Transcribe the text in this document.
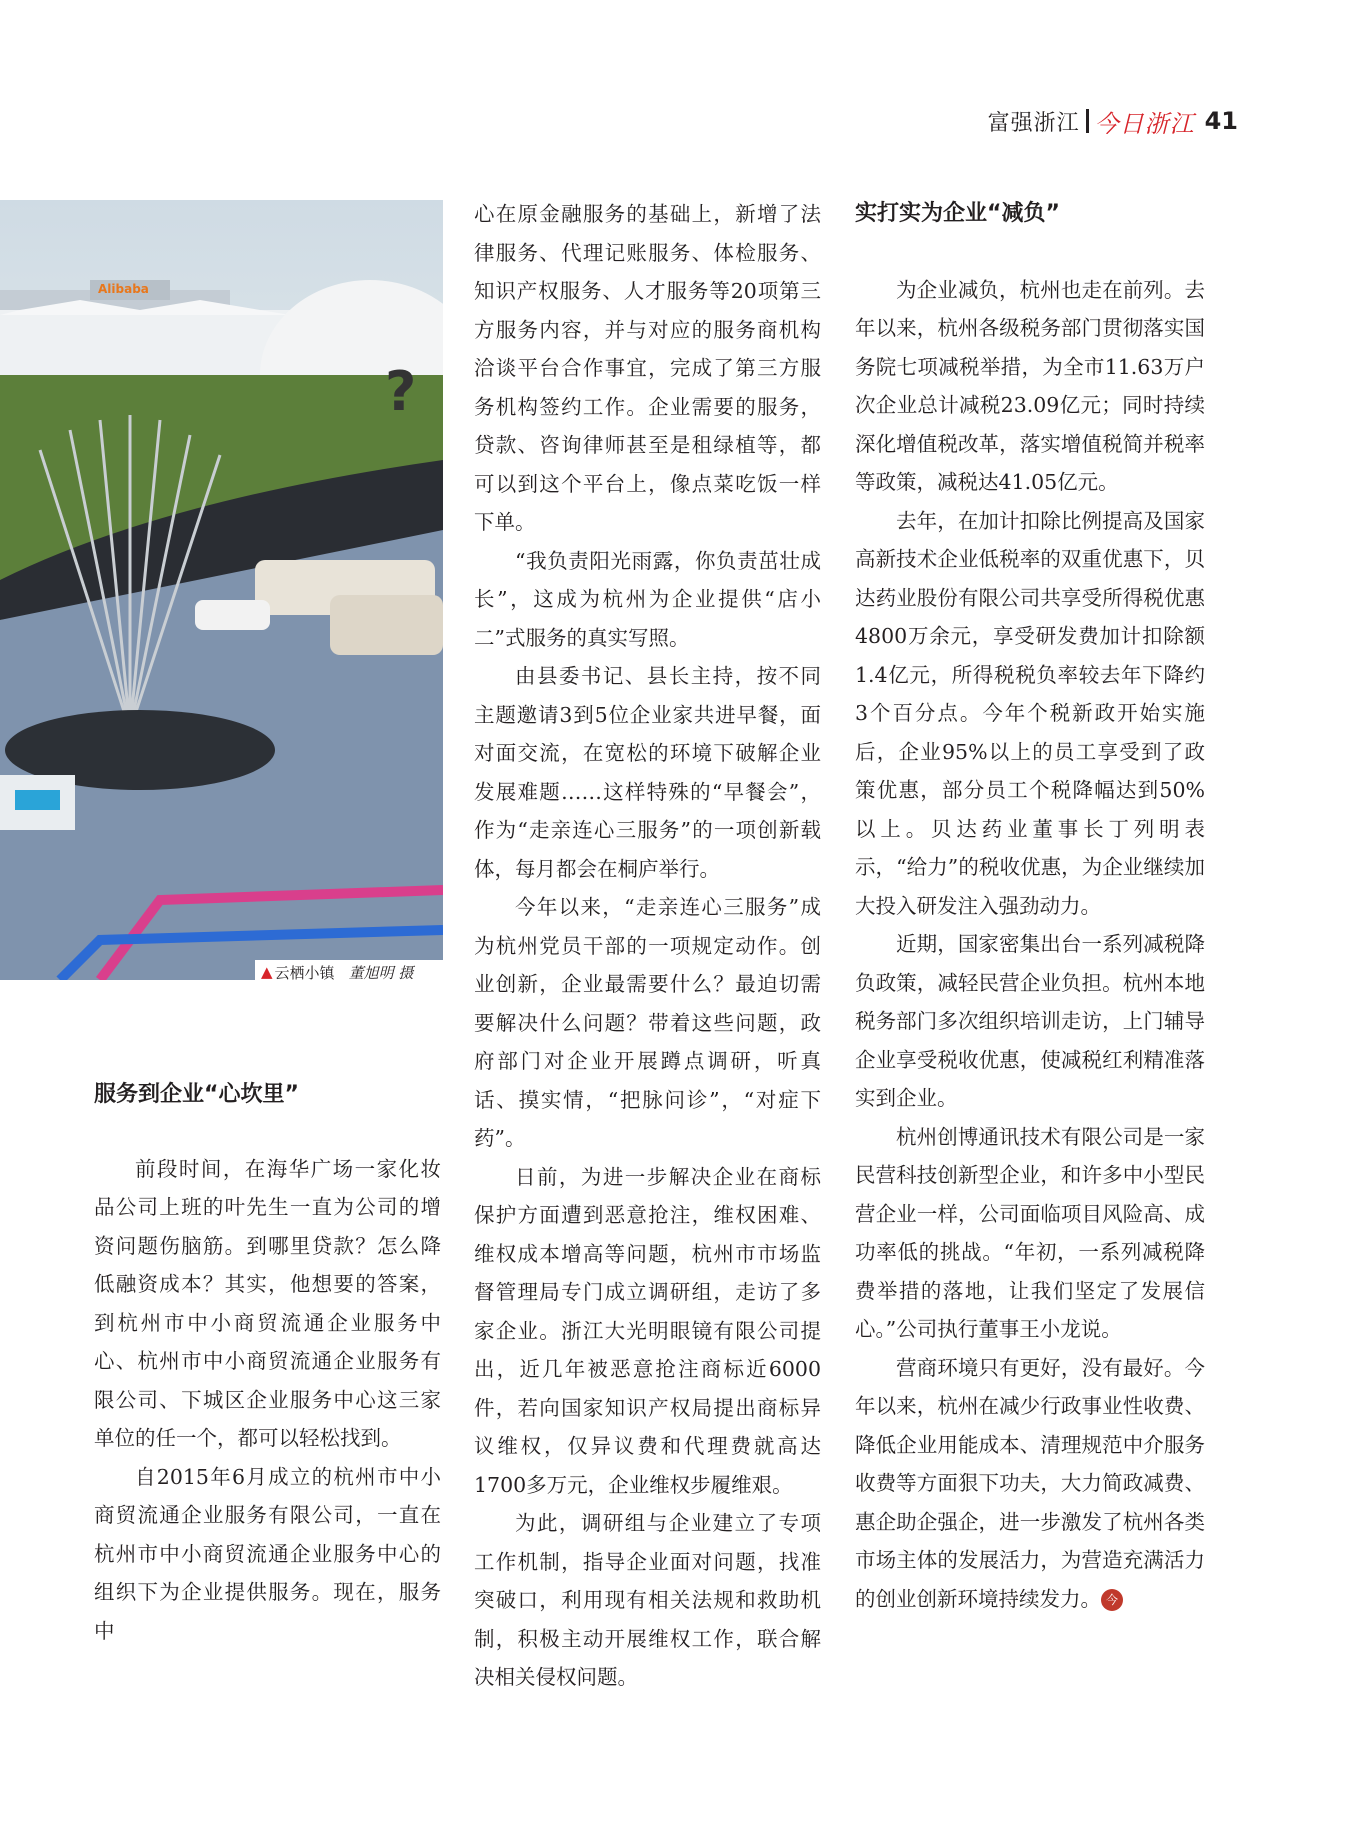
富强浙江 今日浙江 41
?
Alibaba
▲ 云栖小镇 董旭明 摄

服务到企业“心坎里”

前段时间，在海华广场一家化妆品公司上班的叶先生一直为公司的增资问题伤脑筋。到哪里贷款？怎么降低融资成本？其实，他想要的答案，到杭州市中小商贸流通企业服务中心、杭州市中小商贸流通企业服务有限公司、下城区企业服务中心这三家单位的任一个，都可以轻松找到。

自2015年6月成立的杭州市中小商贸流通企业服务有限公司，一直在杭州市中小商贸流通企业服务中心的组织下为企业提供服务。现在，服务中

心在原金融服务的基础上，新增了法律服务、代理记账服务、体检服务、知识产权服务、人才服务等20项第三方服务内容，并与对应的服务商机构洽谈平台合作事宜，完成了第三方服务机构签约工作。企业需要的服务，贷款、咨询律师甚至是租绿植等，都可以到这个平台上，像点菜吃饭一样下单。

“我负责阳光雨露，你负责茁壮成长”，这成为杭州为企业提供“店小二”式服务的真实写照。

由县委书记、县长主持，按不同主题邀请3到5位企业家共进早餐，面对面交流，在宽松的环境下破解企业发展难题……这样特殊的“早餐会”，作为“走亲连心三服务”的一项创新载体，每月都会在桐庐举行。

今年以来，“走亲连心三服务”成为杭州党员干部的一项规定动作。创业创新，企业最需要什么？最迫切需要解决什么问题？带着这些问题，政府部门对企业开展蹲点调研，听真话、摸实情，“把脉问诊”，“对症下药”。

日前，为进一步解决企业在商标保护方面遭到恶意抢注，维权困难、维权成本增高等问题，杭州市市场监督管理局专门成立调研组，走访了多家企业。浙江大光明眼镜有限公司提出，近几年被恶意抢注商标近6000件，若向国家知识产权局提出商标异议维权，仅异议费和代理费就高达1700多万元，企业维权步履维艰。

为此，调研组与企业建立了专项工作机制，指导企业面对问题，找准突破口，利用现有相关法规和救助机制，积极主动开展维权工作，联合解决相关侵权问题。

实打实为企业“减负”

为企业减负，杭州也走在前列。去年以来，杭州各级税务部门贯彻落实国务院七项减税举措，为全市11.63万户次企业总计减税23.09亿元；同时持续深化增值税改革，落实增值税简并税率等政策，减税达41.05亿元。

去年，在加计扣除比例提高及国家高新技术企业低税率的双重优惠下，贝达药业股份有限公司共享受所得税优惠4800万余元，享受研发费加计扣除额1.4亿元，所得税税负率较去年下降约3个百分点。今年个税新政开始实施后，企业95%以上的员工享受到了政策优惠，部分员工个税降幅达到50%以上。贝达药业董事长丁列明表示，“给力”的税收优惠，为企业继续加大投入研发注入强劲动力。

近期，国家密集出台一系列减税降负政策，减轻民营企业负担。杭州本地税务部门多次组织培训走访，上门辅导企业享受税收优惠，使减税红利精准落实到企业。

杭州创博通讯技术有限公司是一家民营科技创新型企业，和许多中小型民营企业一样，公司面临项目风险高、成功率低的挑战。“年初，一系列减税降费举措的落地，让我们坚定了发展信心。”公司执行董事王小龙说。

营商环境只有更好，没有最好。今年以来，杭州在减少行政事业性收费、降低企业用能成本、清理规范中介服务收费等方面狠下功夫，大力简政减费、惠企助企强企，进一步激发了杭州各类市场主体的发展活力，为营造充满活力的创业创新环境持续发力。 今
